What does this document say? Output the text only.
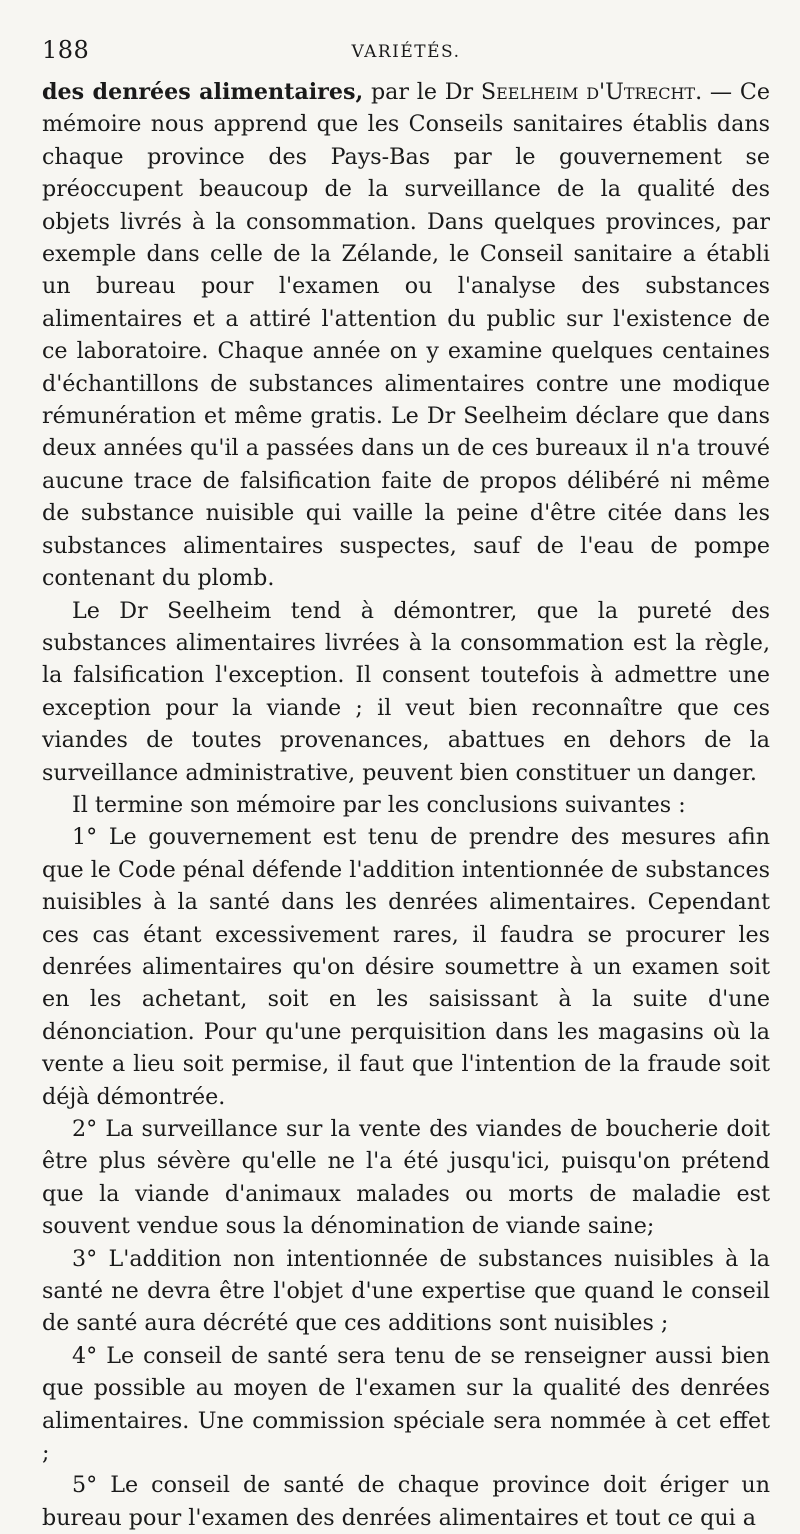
188	VARIÉTÉS.

des denrées alimentaires, par le Dr Seelheim d'Utrecht. — Ce mémoire nous apprend que les Conseils sanitaires établis dans chaque province des Pays-Bas par le gouvernement se préoccupent beaucoup de la surveillance de la qualité des objets livrés à la consommation. Dans quelques provinces, par exemple dans celle de la Zélande, le Conseil sanitaire a établi un bureau pour l'examen ou l'analyse des substances alimentaires et a attiré l'attention du public sur l'existence de ce laboratoire. Chaque année on y examine quelques centaines d'échantillons de substances alimentaires contre une modique rémunération et même gratis. Le Dr Seelheim déclare que dans deux années qu'il a passées dans un de ces bureaux il n'a trouvé aucune trace de falsification faite de propos délibéré ni même de substance nuisible qui vaille la peine d'être citée dans les substances alimentaires suspectes, sauf de l'eau de pompe contenant du plomb.

Le Dr Seelheim tend à démontrer, que la pureté des substances alimentaires livrées à la consommation est la règle, la falsification l'exception. Il consent toutefois à admettre une exception pour la viande ; il veut bien reconnaître que ces viandes de toutes provenances, abattues en dehors de la surveillance administrative, peuvent bien constituer un danger.

Il termine son mémoire par les conclusions suivantes :

1° Le gouvernement est tenu de prendre des mesures afin que le Code pénal défende l'addition intentionnée de substances nuisibles à la santé dans les denrées alimentaires. Cependant ces cas étant excessivement rares, il faudra se procurer les denrées alimentaires qu'on désire soumettre à un examen soit en les achetant, soit en les saisissant à la suite d'une dénonciation. Pour qu'une perquisition dans les magasins où la vente a lieu soit permise, il faut que l'intention de la fraude soit déjà démontrée.

2° La surveillance sur la vente des viandes de boucherie doit être plus sévère qu'elle ne l'a été jusqu'ici, puisqu'on prétend que la viande d'animaux malades ou morts de maladie est souvent vendue sous la dénomination de viande saine;

3° L'addition non intentionnée de substances nuisibles à la santé ne devra être l'objet d'une expertise que quand le conseil de santé aura décrété que ces additions sont nuisibles ;

4° Le conseil de santé sera tenu de se renseigner aussi bien que possible au moyen de l'examen sur la qualité des denrées alimentaires. Une commission spéciale sera nommée à cet effet ;

5° Le conseil de santé de chaque province doit ériger un bureau pour l'examen des denrées alimentaires et tout ce qui a
